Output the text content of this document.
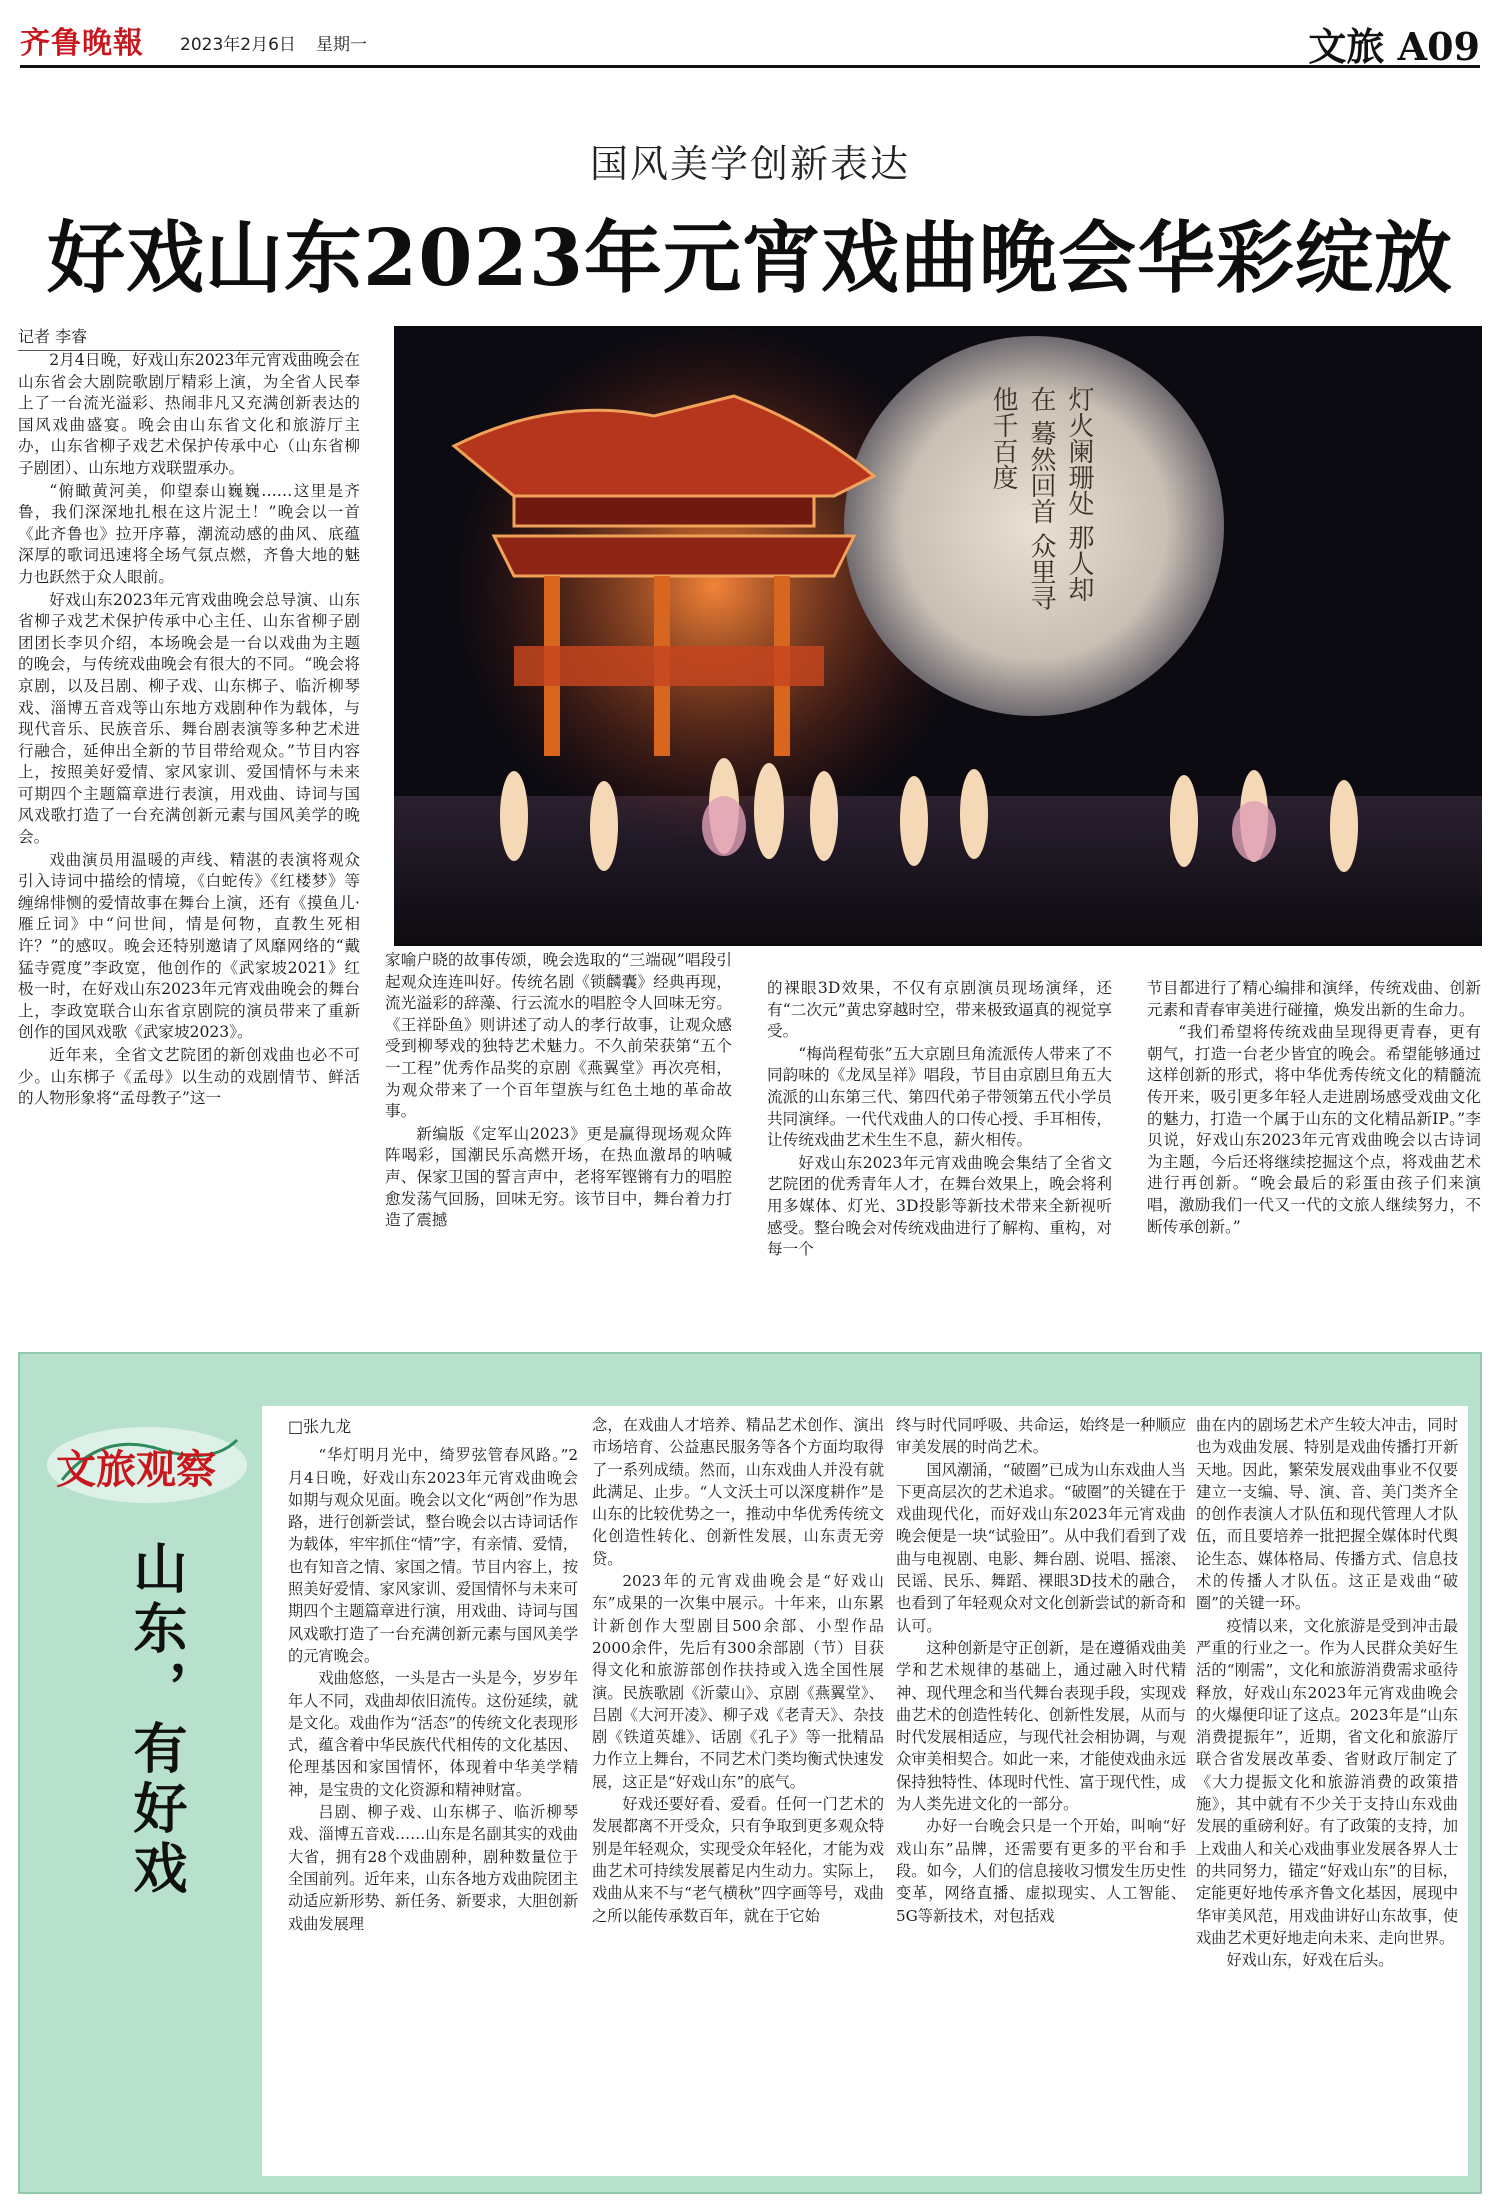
齐鲁晚報 2023年2月6日 星期一	文旅 A09
国风美学创新表达
好戏山东2023年元宵戏曲晚会华彩绽放
记者 李睿
灯火阑珊处 那人却在 蓦然回首 众里寻他千百度

2月4日晚，好戏山东2023年元宵戏曲晚会在山东省会大剧院歌剧厅精彩上演，为全省人民奉上了一台流光溢彩、热闹非凡又充满创新表达的国风戏曲盛宴。晚会由山东省文化和旅游厅主办，山东省柳子戏艺术保护传承中心（山东省柳子剧团）、山东地方戏联盟承办。

“俯瞰黄河美，仰望泰山巍巍……这里是齐鲁，我们深深地扎根在这片泥土！”晚会以一首《此齐鲁也》拉开序幕，潮流动感的曲风、底蕴深厚的歌词迅速将全场气氛点燃，齐鲁大地的魅力也跃然于众人眼前。

好戏山东2023年元宵戏曲晚会总导演、山东省柳子戏艺术保护传承中心主任、山东省柳子剧团团长李贝介绍，本场晚会是一台以戏曲为主题的晚会，与传统戏曲晚会有很大的不同。“晚会将京剧，以及吕剧、柳子戏、山东梆子、临沂柳琴戏、淄博五音戏等山东地方戏剧种作为载体，与现代音乐、民族音乐、舞台剧表演等多种艺术进行融合，延伸出全新的节目带给观众。”节目内容上，按照美好爱情、家风家训、爱国情怀与未来可期四个主题篇章进行表演，用戏曲、诗词与国风戏歌打造了一台充满创新元素与国风美学的晚会。

戏曲演员用温暖的声线、精湛的表演将观众引入诗词中描绘的情境，《白蛇传》《红楼梦》等缠绵悱恻的爱情故事在舞台上演，还有《摸鱼儿·雁丘词》中“问世间，情是何物，直教生死相许？”的感叹。晚会还特别邀请了风靡网络的“戴猛寺霓度”李政宽，他创作的《武家坡2021》红极一时，在好戏山东2023年元宵戏曲晚会的舞台上，李政宽联合山东省京剧院的演员带来了重新创作的国风戏歌《武家坡2023》。

近年来，全省文艺院团的新创戏曲也必不可少。山东梆子《孟母》以生动的戏剧情节、鲜活的人物形象将“孟母教子”这一

家喻户晓的故事传颂，晚会选取的“三端砚”唱段引起观众连连叫好。传统名剧《锁麟囊》经典再现，流光溢彩的辞藻、行云流水的唱腔令人回味无穷。《王祥卧鱼》则讲述了动人的孝行故事，让观众感受到柳琴戏的独特艺术魅力。不久前荣获第“五个一工程”优秀作品奖的京剧《燕翼堂》再次亮相，为观众带来了一个百年望族与红色土地的革命故事。

新编版《定军山2023》更是赢得现场观众阵阵喝彩，国潮民乐高燃开场，在热血激昂的呐喊声、保家卫国的誓言声中，老将军铿锵有力的唱腔愈发荡气回肠，回味无穷。该节目中，舞台着力打造了震撼

的裸眼3D效果，不仅有京剧演员现场演绎，还有“二次元”黄忠穿越时空，带来极致逼真的视觉享受。

“梅尚程荀张”五大京剧旦角流派传人带来了不同韵味的《龙凤呈祥》唱段，节目由京剧旦角五大流派的山东第三代、第四代弟子带领第五代小学员共同演绎。一代代戏曲人的口传心授、手耳相传，让传统戏曲艺术生生不息，薪火相传。

好戏山东2023年元宵戏曲晚会集结了全省文艺院团的优秀青年人才，在舞台效果上，晚会将利用多媒体、灯光、3D投影等新技术带来全新视听感受。整台晚会对传统戏曲进行了解构、重构，对每一个

节目都进行了精心编排和演绎，传统戏曲、创新元素和青春审美进行碰撞，焕发出新的生命力。

“我们希望将传统戏曲呈现得更青春，更有朝气，打造一台老少皆宜的晚会。希望能够通过这样创新的形式，将中华优秀传统文化的精髓流传开来，吸引更多年轻人走进剧场感受戏曲文化的魅力，打造一个属于山东的文化精品新IP。”李贝说，好戏山东2023年元宵戏曲晚会以古诗词为主题，今后还将继续挖掘这个点，将戏曲艺术进行再创新。“晚会最后的彩蛋由孩子们来演唱，激励我们一代又一代的文旅人继续努力，不断传承创新。”

文旅观察
山东，有好戏
□张九龙

“华灯明月光中，绮罗弦管春风路。”2月4日晚，好戏山东2023年元宵戏曲晚会如期与观众见面。晚会以文化“两创”作为思路，进行创新尝试，整台晚会以古诗词话作为载体，牢牢抓住“情”字，有亲情、爱情，也有知音之情、家国之情。节目内容上，按照美好爱情、家风家训、爱国情怀与未来可期四个主题篇章进行演，用戏曲、诗词与国风戏歌打造了一台充满创新元素与国风美学的元宵晚会。

戏曲悠悠，一头是古一头是今，岁岁年年人不同，戏曲却依旧流传。这份延续，就是文化。戏曲作为“活态”的传统文化表现形式，蕴含着中华民族代代相传的文化基因、伦理基因和家国情怀，体现着中华美学精神，是宝贵的文化资源和精神财富。

吕剧、柳子戏、山东梆子、临沂柳琴戏、淄博五音戏……山东是名副其实的戏曲大省，拥有28个戏曲剧种，剧种数量位于全国前列。近年来，山东各地方戏曲院团主动适应新形势、新任务、新要求，大胆创新戏曲发展理

念，在戏曲人才培养、精品艺术创作、演出市场培育、公益惠民服务等各个方面均取得了一系列成绩。然而，山东戏曲人并没有就此满足、止步。“人文沃土可以深度耕作”是山东的比较优势之一，推动中华优秀传统文化创造性转化、创新性发展，山东责无旁贷。

2023年的元宵戏曲晚会是“好戏山东”成果的一次集中展示。十年来，山东累计新创作大型剧目500余部、小型作品2000余件，先后有300余部剧（节）目获得文化和旅游部创作扶持或入选全国性展演。民族歌剧《沂蒙山》、京剧《燕翼堂》、吕剧《大河开凌》、柳子戏《老青天》、杂技剧《铁道英雄》、话剧《孔子》等一批精品力作立上舞台，不同艺术门类均衡式快速发展，这正是“好戏山东”的底气。

好戏还要好看、爱看。任何一门艺术的发展都离不开受众，只有争取到更多观众特别是年轻观众，实现受众年轻化，才能为戏曲艺术可持续发展蓄足内生动力。实际上，戏曲从来不与“老气横秋”四字画等号，戏曲之所以能传承数百年，就在于它始

终与时代同呼吸、共命运，始终是一种顺应审美发展的时尚艺术。

国风潮涌，“破圈”已成为山东戏曲人当下更高层次的艺术追求。“破圈”的关键在于戏曲现代化，而好戏山东2023年元宵戏曲晚会便是一块“试验田”。从中我们看到了戏曲与电视剧、电影、舞台剧、说唱、摇滚、民谣、民乐、舞蹈、裸眼3D技术的融合，也看到了年轻观众对文化创新尝试的新奇和认可。

这种创新是守正创新，是在遵循戏曲美学和艺术规律的基础上，通过融入时代精神、现代理念和当代舞台表现手段，实现戏曲艺术的创造性转化、创新性发展，从而与时代发展相适应，与现代社会相协调，与观众审美相契合。如此一来，才能使戏曲永远保持独特性、体现时代性、富于现代性，成为人类先进文化的一部分。

办好一台晚会只是一个开始，叫响“好戏山东”品牌，还需要有更多的平台和手段。如今，人们的信息接收习惯发生历史性变革，网络直播、虚拟现实、人工智能、5G等新技术，对包括戏

曲在内的剧场艺术产生较大冲击，同时也为戏曲发展、特别是戏曲传播打开新天地。因此，繁荣发展戏曲事业不仅要建立一支编、导、演、音、美门类齐全的创作表演人才队伍和现代管理人才队伍，而且要培养一批把握全媒体时代舆论生态、媒体格局、传播方式、信息技术的传播人才队伍。这正是戏曲“破圈”的关键一环。

疫情以来，文化旅游是受到冲击最严重的行业之一。作为人民群众美好生活的“刚需”，文化和旅游消费需求亟待释放，好戏山东2023年元宵戏曲晚会的火爆便印证了这点。2023年是“山东消费提振年”，近期，省文化和旅游厅联合省发展改革委、省财政厅制定了《大力提振文化和旅游消费的政策措施》，其中就有不少关于支持山东戏曲发展的重磅利好。有了政策的支持，加上戏曲人和关心戏曲事业发展各界人士的共同努力，锚定“好戏山东”的目标，定能更好地传承齐鲁文化基因，展现中华审美风范，用戏曲讲好山东故事，使戏曲艺术更好地走向未来、走向世界。

好戏山东，好戏在后头。
